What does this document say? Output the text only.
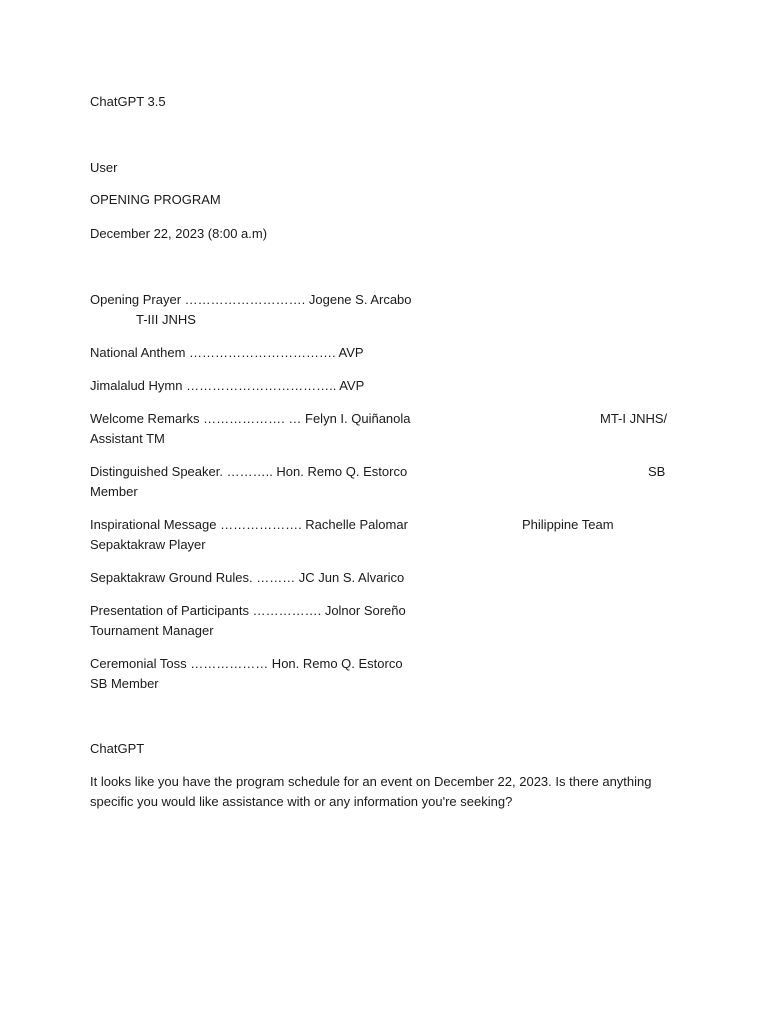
ChatGPT 3.5
User
OPENING PROGRAM
December 22, 2023 (8:00 a.m)
Opening Prayer ………………………. Jogene S. Arcabo
T-III JNHS
National Anthem ……………………………. AVP
Jimalalud Hymn …………………………….. AVP
Welcome Remarks ………………. … Felyn I. Quiñanola	MT-I JNHS/
Assistant TM
Distinguished Speaker. ……….. Hon. Remo Q. Estorco	SB
Member
Inspirational Message ………………. Rachelle Palomar	Philippine Team
Sepaktakraw Player
Sepaktakraw Ground Rules. ……… JC Jun S. Alvarico
Presentation of Participants ……………. Jolnor Soreño
Tournament Manager
Ceremonial Toss ……………… Hon. Remo Q. Estorco
SB Member
ChatGPT
It looks like you have the program schedule for an event on December 22, 2023. Is there anything specific you would like assistance with or any information you're seeking?
